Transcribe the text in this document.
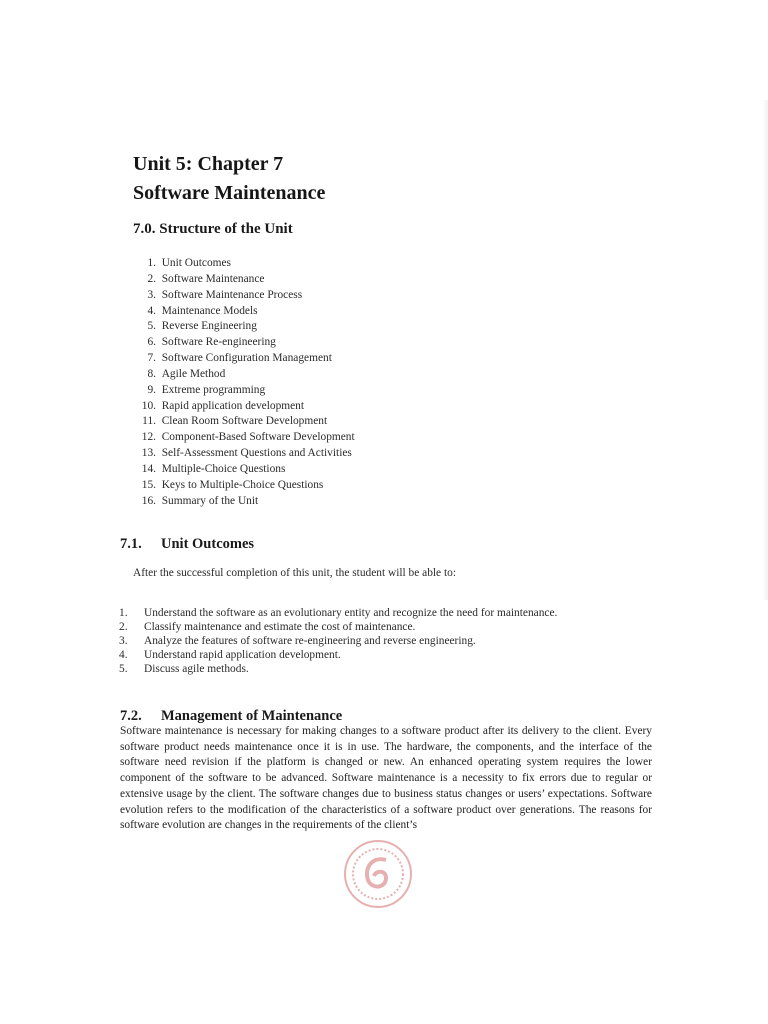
Unit 5: Chapter 7
Software Maintenance
7.0. Structure of the Unit
1.
Unit Outcomes
2.
Software Maintenance
3.
Software Maintenance Process
4.
Maintenance Models
5.
Reverse Engineering
6.
Software Re-engineering
7.
Software Configuration Management
8.
Agile Method
9.
Extreme programming
10.
Rapid application development
11.
Clean Room Software Development
12.
Component-Based Software Development
13.
Self-Assessment Questions and Activities
14.
Multiple-Choice Questions
15.
Keys to Multiple-Choice Questions
16.
Summary of the Unit
7.1. Unit Outcomes
After the successful completion of this unit, the student will be able to:
1.	Understand the software as an evolutionary entity and recognize the need for maintenance.
2.	Classify maintenance and estimate the cost of maintenance.
3.	Analyze the features of software re-engineering and reverse engineering.
4.	Understand rapid application development.
5.	Discuss agile methods.
7.2. Management of Maintenance

Software maintenance is necessary for making changes to a software product after its delivery to the client. Every software product needs maintenance once it is in use. The hardware, the components, and the interface of the software need revision if the platform is changed or new. An enhanced operating system requires the lower component of the software to be advanced. Software maintenance is a necessity to fix errors due to regular or extensive usage by the client. The software changes due to business status changes or users’ expectations. Software evolution refers to the modification of the characteristics of a software product over generations. The reasons for software evolution are changes in the requirements of the client’s
